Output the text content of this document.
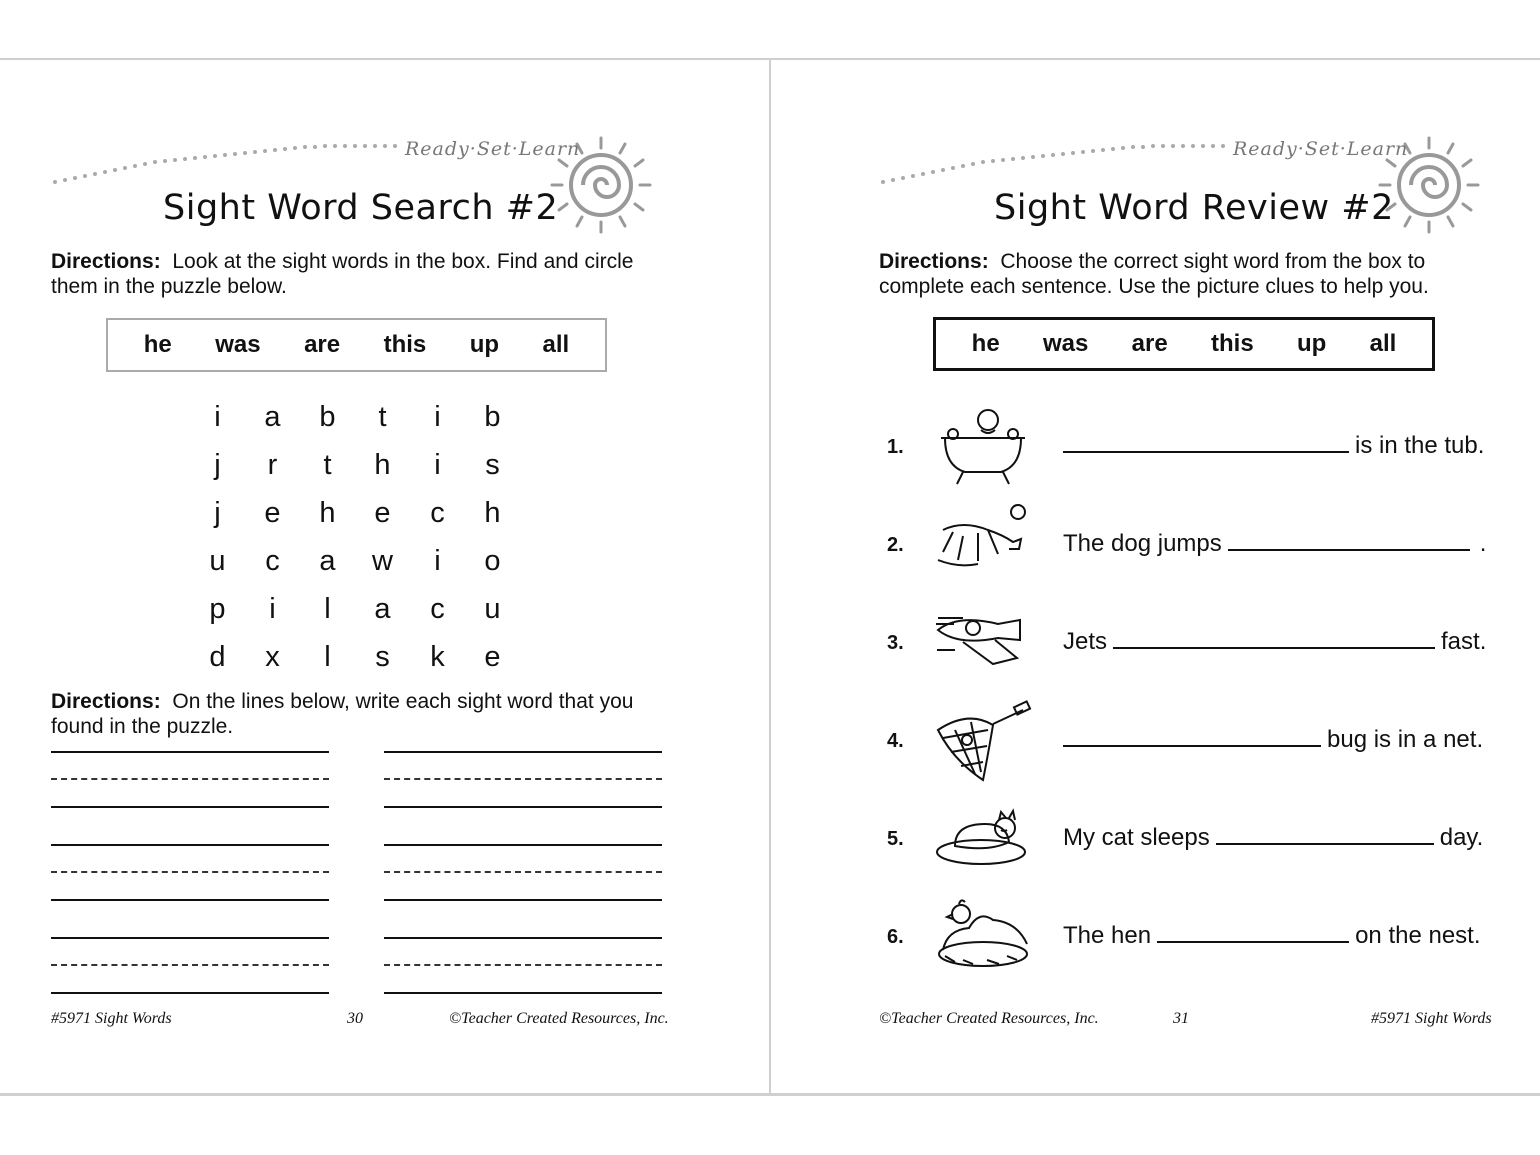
Ready·Set·Learn
Sight Word Search #2
Directions: Look at the sight words in the box. Find and circle them in the puzzle below.
he was are this up all
i	a	b	t	i	b
j	r	t	h	i	s
j	e	h	e	c	h
u	c	a	w	i	o
p	i	l	a	c	u
d	x	l	s	k	e
Directions: On the lines below, write each sight word that you found in the puzzle.
#5971 Sight Words	30	©Teacher Created Resources, Inc.
Ready·Set·Learn
Sight Word Review #2
Directions: Choose the correct sight word from the box to complete each sentence. Use the picture clues to help you.
he was are this up all
1.	is in the tub.
2.	The dog jumps	.
3.	Jets	fast.
4.	bug is in a net.
5.	My cat sleeps	day.
6.	The hen	on the nest.
©Teacher Created Resources, Inc.	31	#5971 Sight Words
